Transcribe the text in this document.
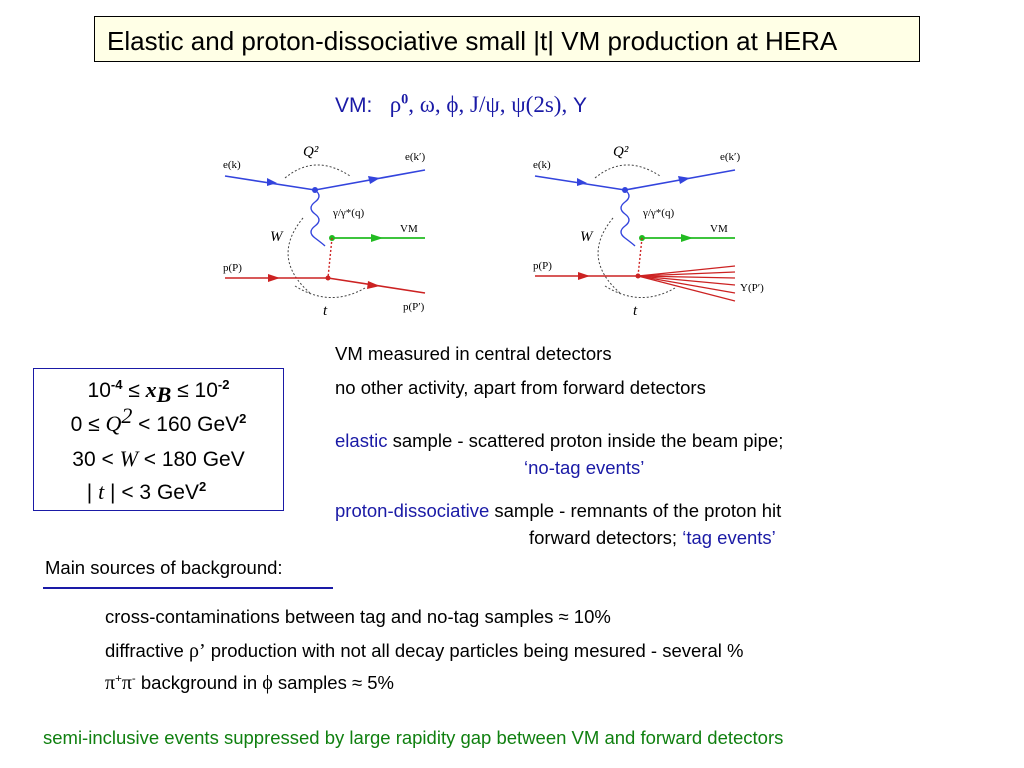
Elastic and proton-dissociative small |t| VM production at HERA
VM: $\rho^0$, ω, ϕ, J/ψ, ψ(2s), Y
e(k)
e(k′)
Q²
γ/γ*(q)
VM
W
p(P)
p(P′)
t
e(k)
e(k′)
Q²
γ/γ*(q)
VM
W
p(P)
Y(P′)
t
$10^{-4} \le x_B \le 10^{-2}$
$0 \le Q^2 < 160$ GeV$^2$
30 < W < 180 GeV
| t | < 3 GeV$^2$
VM measured in central detectors
no other activity, apart from forward detectors
elastic sample - scattered proton inside the beam pipe;
‘no-tag events’
proton-dissociative sample - remnants of the proton hit
forward detectors; ‘tag events’
Main sources of background:
cross-contaminations between tag and no-tag samples ≈ 10%
diffractive ρ’ production with not all decay particles being mesured - several %
π+π- background in ϕ samples ≈ 5%
semi-inclusive events suppressed by large rapidity gap between VM and forward detectors
